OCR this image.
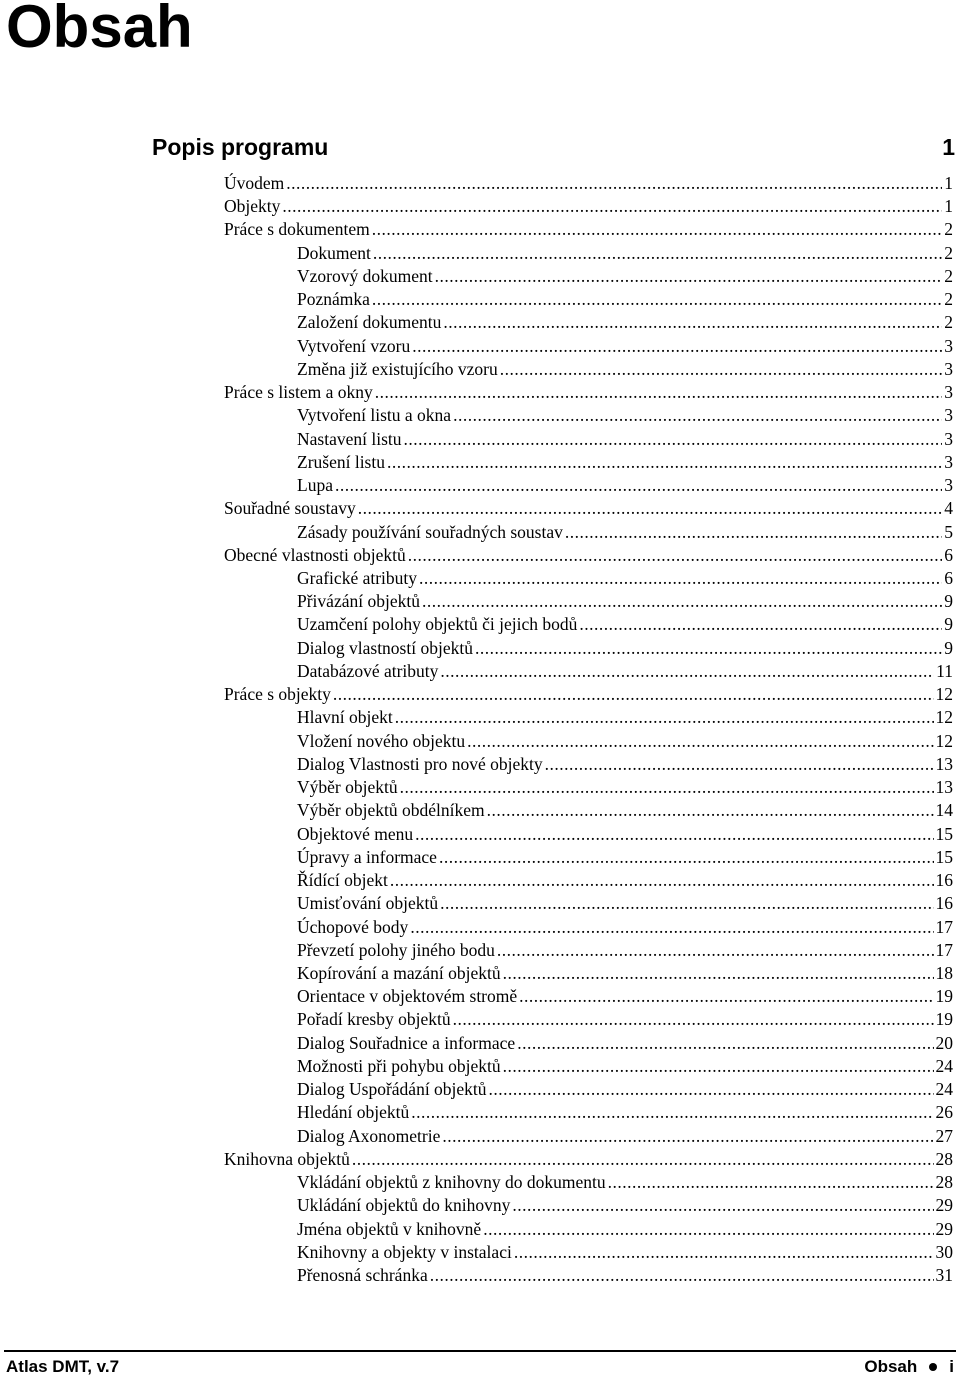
Obsah
Popis programu	1
Úvodem .....	1
Objekty .....	1
Práce s dokumentem .....	2
Dokument .....	2
Vzorový dokument .....	2
Poznámka .....	2
Založení dokumentu .....	2
Vytvoření vzoru .....	3
Změna již existujícího vzoru .....	3
Práce s listem a okny .....	3
Vytvoření listu a okna .....	3
Nastavení listu .....	3
Zrušení listu .....	3
Lupa .....	3
Souřadné soustavy .....	4
Zásady používání souřadných soustav .....	5
Obecné vlastnosti objektů .....	6
Grafické atributy .....	6
Přivázání objektů .....	9
Uzamčení polohy objektů či jejich bodů .....	9
Dialog vlastností objektů .....	9
Databázové atributy .....	11
Práce s objekty .....	12
Hlavní objekt .....	12
Vložení nového objektu .....	12
Dialog Vlastnosti pro nové objekty .....	13
Výběr objektů .....	13
Výběr objektů obdélníkem .....	14
Objektové menu .....	15
Úpravy a informace .....	15
Řídící objekt .....	16
Umisťování objektů .....	16
Úchopové body .....	17
Převzetí polohy jiného bodu .....	17
Kopírování a mazání objektů .....	18
Orientace v objektovém stromě .....	19
Pořadí kresby objektů .....	19
Dialog Souřadnice a informace .....	20
Možnosti při pohybu objektů .....	24
Dialog Uspořádání objektů .....	24
Hledání objektů .....	26
Dialog Axonometrie .....	27
Knihovna objektů .....	28
Vkládání objektů z knihovny do dokumentu .....	28
Ukládání objektů do knihovny .....	29
Jména objektů v knihovně .....	29
Knihovny a objekty v instalaci .....	30
Přenosná schránka .....	31
Atlas DMT, v.7	Obsah i
